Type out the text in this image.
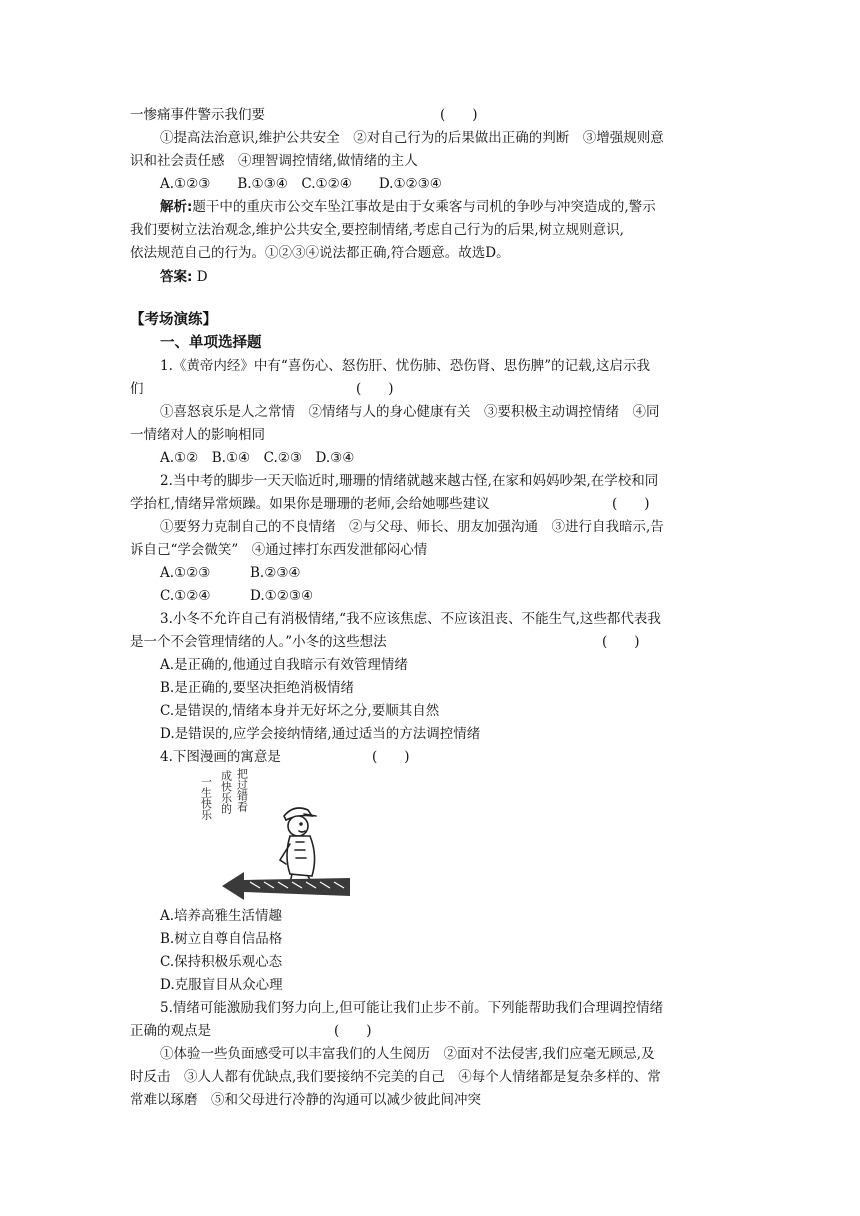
一惨痛事件警示我们要	(　　)
①提高法治意识,维护公共安全　②对自己行为的后果做出正确的判断　③增强规则意
识和社会责任感　④理智调控情绪,做情绪的主人
A.①②③　　B.①③④　C.①②④　　D.①②③④
解析:题干中的重庆市公交车坠江事故是由于女乘客与司机的争吵与冲突造成的,警示
我们要树立法治观念,维护公共安全,要控制情绪,考虑自己行为的后果,树立规则意识,
依法规范自己的行为。①②③④说法都正确,符合题意。故选D。
答案: D
【考场演练】
一、单项选择题
1.《黄帝内经》中有“喜伤心、怒伤肝、忧伤肺、恐伤肾、思伤脾”的记载,这启示我
们	(　　)
①喜怒哀乐是人之常情　②情绪与人的身心健康有关　③要积极主动调控情绪　④同
一情绪对人的影响相同
A.①②　B.①④　C.②③　D.③④
2.当中考的脚步一天天临近时,珊珊的情绪就越来越古怪,在家和妈妈吵架,在学校和同
学抬杠,情绪异常烦躁。如果你是珊珊的老师,会给她哪些建议	(　　)
①要努力克制自己的不良情绪　②与父母、师长、朋友加强沟通　③进行自我暗示,告
诉自己“学会微笑”　④通过摔打东西发泄郁闷心情
A.①②③	B.②③④
C.①②④	D.①②③④
3.小冬不允许自己有消极情绪,“我不应该焦虑、不应该沮丧、不能生气,这些都代表我
是一个不会管理情绪的人。”小冬的这些想法	(　　)
A.是正确的,他通过自我暗示有效管理情绪
B.是正确的,要坚决拒绝消极情绪
C.是错误的,情绪本身并无好坏之分,要顺其自然
D.是错误的,应学会接纳情绪,通过适当的方法调控情绪
4.下图漫画的寓意是	(　　)
一生快乐 成快乐的 把过错看
A.培养高雅生活情趣
B.树立自尊自信品格
C.保持积极乐观心态
D.克服盲目从众心理
5.情绪可能激励我们努力向上,但可能让我们止步不前。下列能帮助我们合理调控情绪
正确的观点是	(　　)
①体验一些负面感受可以丰富我们的人生阅历　②面对不法侵害,我们应毫无顾忌,及
时反击　③人人都有优缺点,我们要接纳不完美的自己　④每个人情绪都是复杂多样的、常
常难以琢磨　⑤和父母进行冷静的沟通可以减少彼此间冲突
